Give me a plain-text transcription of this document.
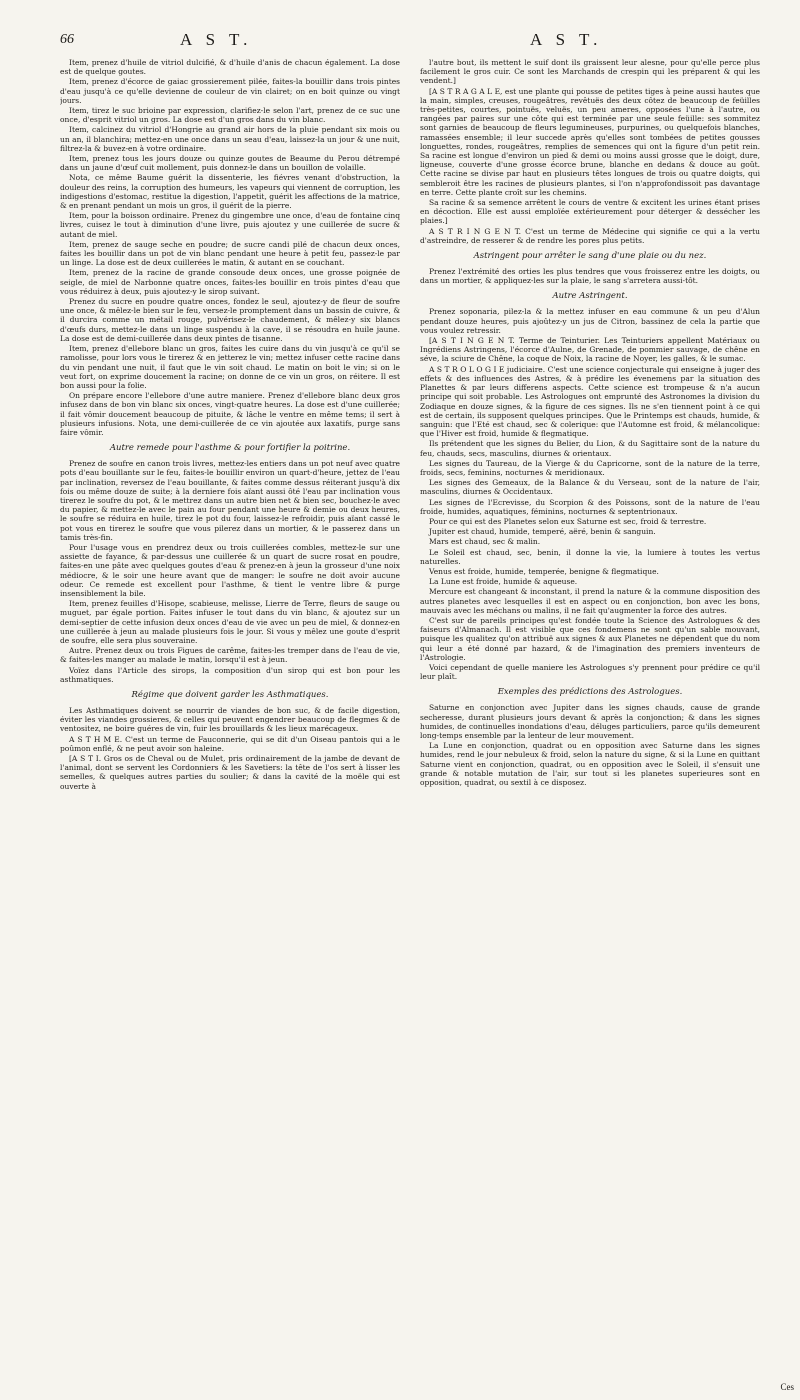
66	A S T.	A S T.

Item, prenez d'huile de vitriol dulcifié, & d'huile d'anis de chacun également. La dose est de quelque goutes.

Item, prenez d'écorce de gaiac grossierement pilée, faites-la bouillir dans trois pintes d'eau jusqu'à ce qu'elle devienne de couleur de vin clairet; on en boit quinze ou vingt jours.

Item, tirez le suc brioine par expression, clarifiez-le selon l'art, prenez de ce suc une once, d'esprit vitriol un gros. La dose est d'un gros dans du vin blanc.

Item, calcinez du vitriol d'Hongrie au grand air hors de la pluie pendant six mois ou un an, il blanchira; mettez-en une once dans un seau d'eau, laissez-la un jour & une nuit, filtrez-la & buvez-en à votre ordinaire.

Item, prenez tous les jours douze ou quinze goutes de Beaume du Perou détrempé dans un jaune d'œuf cuit mollement, puis donnez-le dans un bouillon de volaille.

Nota, ce même Baume guérit la dissenterie, les fiévres venant d'obstruction, la douleur des reins, la corruption des humeurs, les vapeurs qui viennent de corruption, les indigestions d'estomac, restitue la digestion, l'appetit, guérit les affections de la matrice, & en prenant pendant un mois un gros, il guérit de la pierre.

Item, pour la boisson ordinaire. Prenez du gingembre une once, d'eau de fontaine cinq livres, cuisez le tout à diminution d'une livre, puis ajoutez y une cuillerée de sucre & autant de miel.

Item, prenez de sauge seche en poudre; de sucre candi pilé de chacun deux onces, faites les bouillir dans un pot de vin blanc pendant une heure à petit feu, passez-le par un linge. La dose est de deux cuillerées le matin, & autant en se couchant.

Item, prenez de la racine de grande consoude deux onces, une grosse poignée de seigle, de miel de Narbonne quatre onces, faites-les bouillir en trois pintes d'eau que vous réduirez à deux, puis ajoutez-y le sirop suivant.

Prenez du sucre en poudre quatre onces, fondez le seul, ajoutez-y de fleur de soufre une once, & mêlez-le bien sur le feu, versez-le promptement dans un bassin de cuivre, & il durcira comme un métail rouge, pulvérisez-le chaudement, & mêlez-y six blancs d'œufs durs, mettez-le dans un linge suspendu à la cave, il se résoudra en huile jaune. La dose est de demi-cuillerée dans deux pintes de tisanne.

Item, prenez d'ellebore blanc un gros, faites les cuire dans du vin jusqu'à ce qu'il se ramolisse, pour lors vous le tirerez & en jetterez le vin; mettez infuser cette racine dans du vin pendant une nuit, il faut que le vin soit chaud. Le matin on boit le vin; si on le veut fort, on exprime doucement la racine; on donne de ce vin un gros, on réitere. Il est bon aussi pour la folie.

On prépare encore l'ellebore d'une autre maniere. Prenez d'ellebore blanc deux gros infusez dans de bon vin blanc six onces, vingt-quatre heures. La dose est d'une cuillerée; il fait vômir doucement beaucoup de pituite, & lâche le ventre en même tems; il sert à plusieurs infusions. Nota, une demi-cuillerée de ce vin ajoutée aux laxatifs, purge sans faire vômir.

Autre remede pour l'asthme & pour fortifier la poitrine.

Prenez de soufre en canon trois livres, mettez-les entiers dans un pot neuf avec quatre pots d'eau bouillante sur le feu, faites-le bouillir environ un quart-d'heure, jettez de l'eau par inclination, reversez de l'eau bouillante, & faites comme dessus réiterant jusqu'à dix fois ou même douze de suite; à la derniere fois aïant aussi ôté l'eau par inclination vous tirerez le soufre du pot, & le mettrez dans un autre bien net & bien sec, bouchez-le avec du papier, & mettez-le avec le pain au four pendant une heure & demie ou deux heures, le soufre se réduira en huile, tirez le pot du four, laissez-le refroidir, puis aïant cassé le pot vous en tirerez le soufre que vous pilerez dans un mortier, & le passerez dans un tamis très-fin.

Pour l'usage vous en prendrez deux ou trois cuillerées combles, mettez-le sur une assiette de fayance, & par-dessus une cuillerée & un quart de sucre rosat en poudre, faites-en une pâte avec quelques goutes d'eau & prenez-en à jeun la grosseur d'une noix médiocre, & le soir une heure avant que de manger: le soufre ne doit avoir aucune odeur. Ce remede est excellent pour l'asthme, & tient le ventre libre & purge insensiblement la bile.

Item, prenez feuilles d'Hisope, scabieuse, melisse, Lierre de Terre, fleurs de sauge ou muguet, par égale portion. Faites infuser le tout dans du vin blanc, & ajoutez sur un demi-septier de cette infusion deux onces d'eau de vie avec un peu de miel, & donnez-en une cuillerée à jeun au malade plusieurs fois le jour. Si vous y mêlez une goute d'esprit de soufre, elle sera plus souveraine.

Autre. Prenez deux ou trois Figues de carême, faites-les tremper dans de l'eau de vie, & faites-les manger au malade le matin, lorsqu'il est à jeun.

Voïez dans l'Article des sirops, la composition d'un sirop qui est bon pour les asthmatiques.

Régime que doivent garder les Asthmatiques.

Les Asthmatiques doivent se nourrir de viandes de bon suc, & de facile digestion, éviter les viandes grossieres, & celles qui peuvent engendrer beaucoup de flegmes & de ventositez, ne boire guéres de vin, fuir les brouillards & les lieux marécageux.

A S T H M E. C'est un terme de Fauconnerie, qui se dit d'un Oiseau pantois qui a le poûmon enflé, & ne peut avoir son haleine.

[A S T I. Gros os de Cheval ou de Mulet, pris ordinairement de la jambe de devant de l'animal, dont se servent les Cordonniers & les Savetiers: la tête de l'os sert à lisser les semelles, & quelques autres parties du soulier; & dans la cavité de la moële qui est ouverte à

l'autre bout, ils mettent le suif dont ils graissent leur alesne, pour qu'elle perce plus facilement le gros cuir. Ce sont les Marchands de crespin qui les préparent & qui les vendent.]

[A S T R A G A L E, est une plante qui pousse de petites tiges à peine aussi hautes que la main, simples, creuses, rougeâtres, revêtuës des deux côtez de beaucoup de feüilles très-petites, courtes, pointuës, veluës, un peu ameres, opposées l'une à l'autre, ou rangées par paires sur une côte qui est terminée par une seule feüille: ses sommitez sont garnies de beaucoup de fleurs legumineuses, purpurines, ou quelquefois blanches, ramassées ensemble; il leur succede après qu'elles sont tombées de petites gousses longuettes, rondes, rougeâtres, remplies de semences qui ont la figure d'un petit rein. Sa racine est longue d'environ un pied & demi ou moins aussi grosse que le doigt, dure, ligneuse, couverte d'une grosse écorce brune, blanche en dedans & douce au goût. Cette racine se divise par haut en plusieurs têtes longues de trois ou quatre doigts, qui sembleroit être les racines de plusieurs plantes, si l'on n'approfondissoit pas davantage en terre. Cette plante croît sur les chemins.

Sa racine & sa semence arrêtent le cours de ventre & excitent les urines étant prises en décoction. Elle est aussi emploïée extérieurement pour déterger & dessécher les plaies.]

A S T R I N G E N T. C'est un terme de Médecine qui signifie ce qui a la vertu d'astreindre, de resserer & de rendre les pores plus petits.

Astringent pour arrêter le sang d'une plaie ou du nez.

Prenez l'extrémité des orties les plus tendres que vous froisserez entre les doigts, ou dans un mortier, & appliquez-les sur la plaie, le sang s'arretera aussi-tôt.

Autre Astringent.

Prenez soponaria, pilez-la & la mettez infuser en eau commune & un peu d'Alun pendant douze heures, puis ajoûtez-y un jus de Citron, bassinez de cela la partie que vous voulez retressir.

[A S T I N G E N T. Terme de Teinturier. Les Teinturiers appellent Matériaux ou Ingrédiens Astringens, l'écorce d'Aulne, de Grenade, de pommier sauvage, de chêne en séve, la sciure de Chêne, la coque de Noix, la racine de Noyer, les galles, & le sumac.

A S T R O L O G I E judiciaire. C'est une science conjecturale qui enseigne à juger des effets & des influences des Astres, & à prédire les évenemens par la situation des Planettes & par leurs differens aspects. Cette science est trompeuse & n'a aucun principe qui soit probable. Les Astrologues ont emprunté des Astronomes la division du Zodiaque en douze signes, & la figure de ces signes. Ils ne s'en tiennent point à ce qui est de certain, ils supposent quelques principes. Que le Printemps est chauds, humide, & sanguin: que l'Eté est chaud, sec & colerique: que l'Automne est froid, & mélancolique: que l'Hiver est froid, humide & flegmatique.

Ils prétendent que les signes du Belier, du Lion, & du Sagittaire sont de la nature du feu, chauds, secs, masculins, diurnes & orientaux.

Les signes du Taureau, de la Vierge & du Capricorne, sont de la nature de la terre, froids, secs, feminins, nocturnes & meridionaux.

Les signes des Gemeaux, de la Balance & du Verseau, sont de la nature de l'air, masculins, diurnes & Occidentaux.

Les signes de l'Ecrevisse, du Scorpion & des Poissons, sont de la nature de l'eau froide, humides, aquatiques, féminins, nocturnes & septentrionaux.

Pour ce qui est des Planetes selon eux Saturne est sec, froid & terrestre.

Jupiter est chaud, humide, temperé, aëré, benin & sanguin.

Mars est chaud, sec & malin.

Le Soleil est chaud, sec, benin, il donne la vie, la lumiere à toutes les vertus naturelles.

Venus est froide, humide, temperée, benigne & flegmatique.

La Lune est froide, humide & aqueuse.

Mercure est changeant & inconstant, il prend la nature & la commune disposition des autres planetes avec lesquelles il est en aspect ou en conjonction, bon avec les bons, mauvais avec les méchans ou malins, il ne fait qu'augmenter la force des autres.

C'est sur de pareils principes qu'est fondée toute la Science des Astrologues & des faiseurs d'Almanach. Il est visible que ces fondemens ne sont qu'un sable mouvant, puisque les qualitez qu'on attribuë aux signes & aux Planetes ne dépendent que du nom qui leur a été donné par hazard, & de l'imagination des premiers inventeurs de l'Astrologie.

Voici cependant de quelle maniere les Astrologues s'y prennent pour prédire ce qu'il leur plaît.

Exemples des prédictions des Astrologues.

Saturne en conjonction avec Jupiter dans les signes chauds, cause de grande secheresse, durant plusieurs jours devant & après la conjonction; & dans les signes humides, de continuelles inondations d'eau, déluges particuliers, parce qu'ils demeurent long-temps ensemble par la lenteur de leur mouvement.

La Lune en conjonction, quadrat ou en opposition avec Saturne dans les signes humides, rend le jour nebuleux & froid, selon la nature du signe, & si la Lune en quittant Saturne vient en conjonction, quadrat, ou en opposition avec le Soleil, il s'ensuit une grande & notable mutation de l'air, sur tout si les planetes superieures sont en opposition, quadrat, ou sextil à ce disposez.

Ces
